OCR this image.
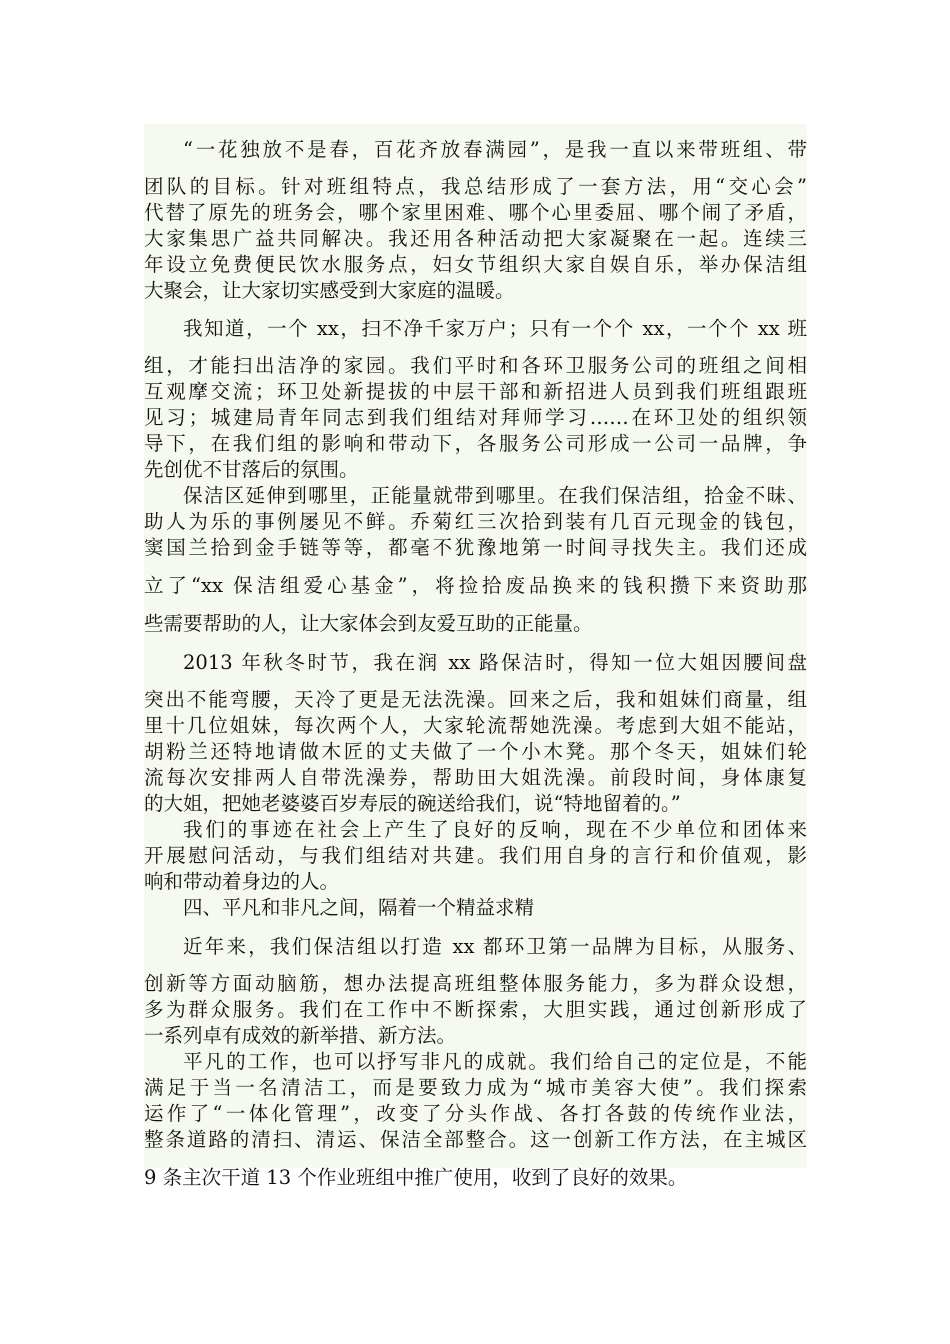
“一花独放不是春，百花齐放春满园”，是我一直以来带班组、带
团队的目标。针对班组特点，我总结形成了一套方法，用“交心会”
代替了原先的班务会，哪个家里困难、哪个心里委屈、哪个闹了矛盾，
大家集思广益共同解决。我还用各种活动把大家凝聚在一起。连续三
年设立免费便民饮水服务点，妇女节组织大家自娱自乐，举办保洁组
大聚会，让大家切实感受到大家庭的温暖。
我知道，一个 xx，扫不净千家万户；只有一个个 xx，一个个 xx 班
组，才能扫出洁净的家园。我们平时和各环卫服务公司的班组之间相
互观摩交流；环卫处新提拔的中层干部和新招进人员到我们班组跟班
见习；城建局青年同志到我们组结对拜师学习……在环卫处的组织领
导下，在我们组的影响和带动下，各服务公司形成一公司一品牌，争
先创优不甘落后的氛围。
保洁区延伸到哪里，正能量就带到哪里。在我们保洁组，拾金不昧、
助人为乐的事例屡见不鲜。乔菊红三次拾到装有几百元现金的钱包，
窦国兰拾到金手链等等，都毫不犹豫地第一时间寻找失主。我们还成
立了“xx 保洁组爱心基金”，将捡拾废品换来的钱积攒下来资助那
些需要帮助的人，让大家体会到友爱互助的正能量。
2013 年秋冬时节，我在润 xx 路保洁时，得知一位大姐因腰间盘
突出不能弯腰，天冷了更是无法洗澡。回来之后，我和姐妹们商量，组
里十几位姐妹，每次两个人，大家轮流帮她洗澡。考虑到大姐不能站，
胡粉兰还特地请做木匠的丈夫做了一个小木凳。那个冬天，姐妹们轮
流每次安排两人自带洗澡券，帮助田大姐洗澡。前段时间，身体康复
的大姐，把她老婆婆百岁寿辰的碗送给我们，说“特地留着的。”
我们的事迹在社会上产生了良好的反响，现在不少单位和团体来
开展慰问活动，与我们组结对共建。我们用自身的言行和价值观，影
响和带动着身边的人。
四、平凡和非凡之间，隔着一个精益求精
近年来，我们保洁组以打造 xx 都环卫第一品牌为目标，从服务、
创新等方面动脑筋，想办法提高班组整体服务能力，多为群众设想，
多为群众服务。我们在工作中不断探索，大胆实践，通过创新形成了
一系列卓有成效的新举措、新方法。
平凡的工作，也可以抒写非凡的成就。我们给自己的定位是，不能
满足于当一名清洁工，而是要致力成为“城市美容大使”。我们探索
运作了“一体化管理”，改变了分头作战、各打各鼓的传统作业法，
整条道路的清扫、清运、保洁全部整合。这一创新工作方法，在主城区
9 条主次干道 13 个作业班组中推广使用，收到了良好的效果。
